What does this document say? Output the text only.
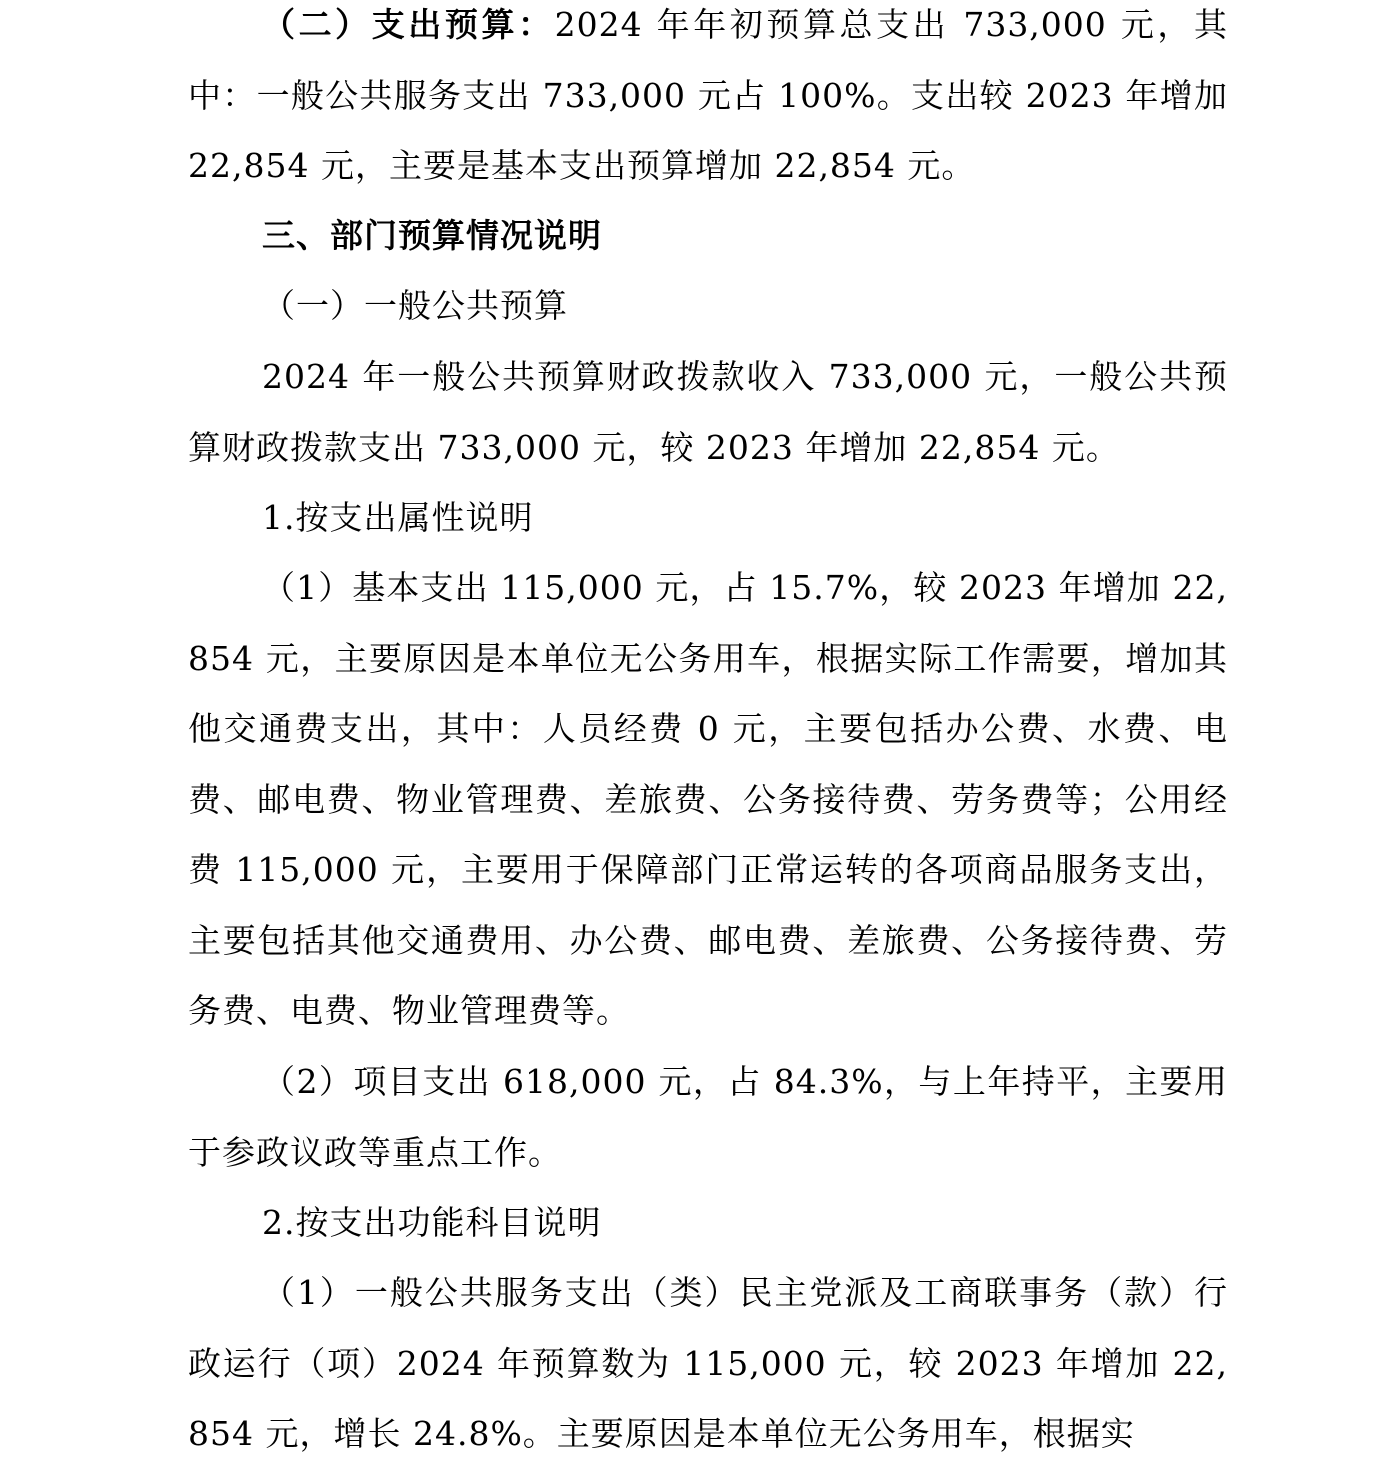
（二）支出预算：2024 年年初预算总支出 733,000 元，其中：一般公共服务支出 733,000 元占 100%。支出较 2023 年增加 22,854 元，主要是基本支出预算增加 22,854 元。

三、部门预算情况说明

（一）一般公共预算

2024 年一般公共预算财政拨款收入 733,000 元，一般公共预算财政拨款支出 733,000 元，较 2023 年增加 22,854 元。

1.按支出属性说明

（1）基本支出 115,000 元，占 15.7%，较 2023 年增加 22,854 元，主要原因是本单位无公务用车，根据实际工作需要，增加其他交通费支出，其中：人员经费 0 元，主要包括办公费、水费、电费、邮电费、物业管理费、差旅费、公务接待费、劳务费等；公用经费 115,000 元，主要用于保障部门正常运转的各项商品服务支出，主要包括其他交通费用、办公费、邮电费、差旅费、公务接待费、劳务费、电费、物业管理费等。

（2）项目支出 618,000 元，占 84.3%，与上年持平，主要用于参政议政等重点工作。

2.按支出功能科目说明

（1）一般公共服务支出（类）民主党派及工商联事务（款）行政运行（项）2024 年预算数为 115,000 元，较 2023 年增加 22,854 元，增长 24.8%。主要原因是本单位无公务用车，根据实
